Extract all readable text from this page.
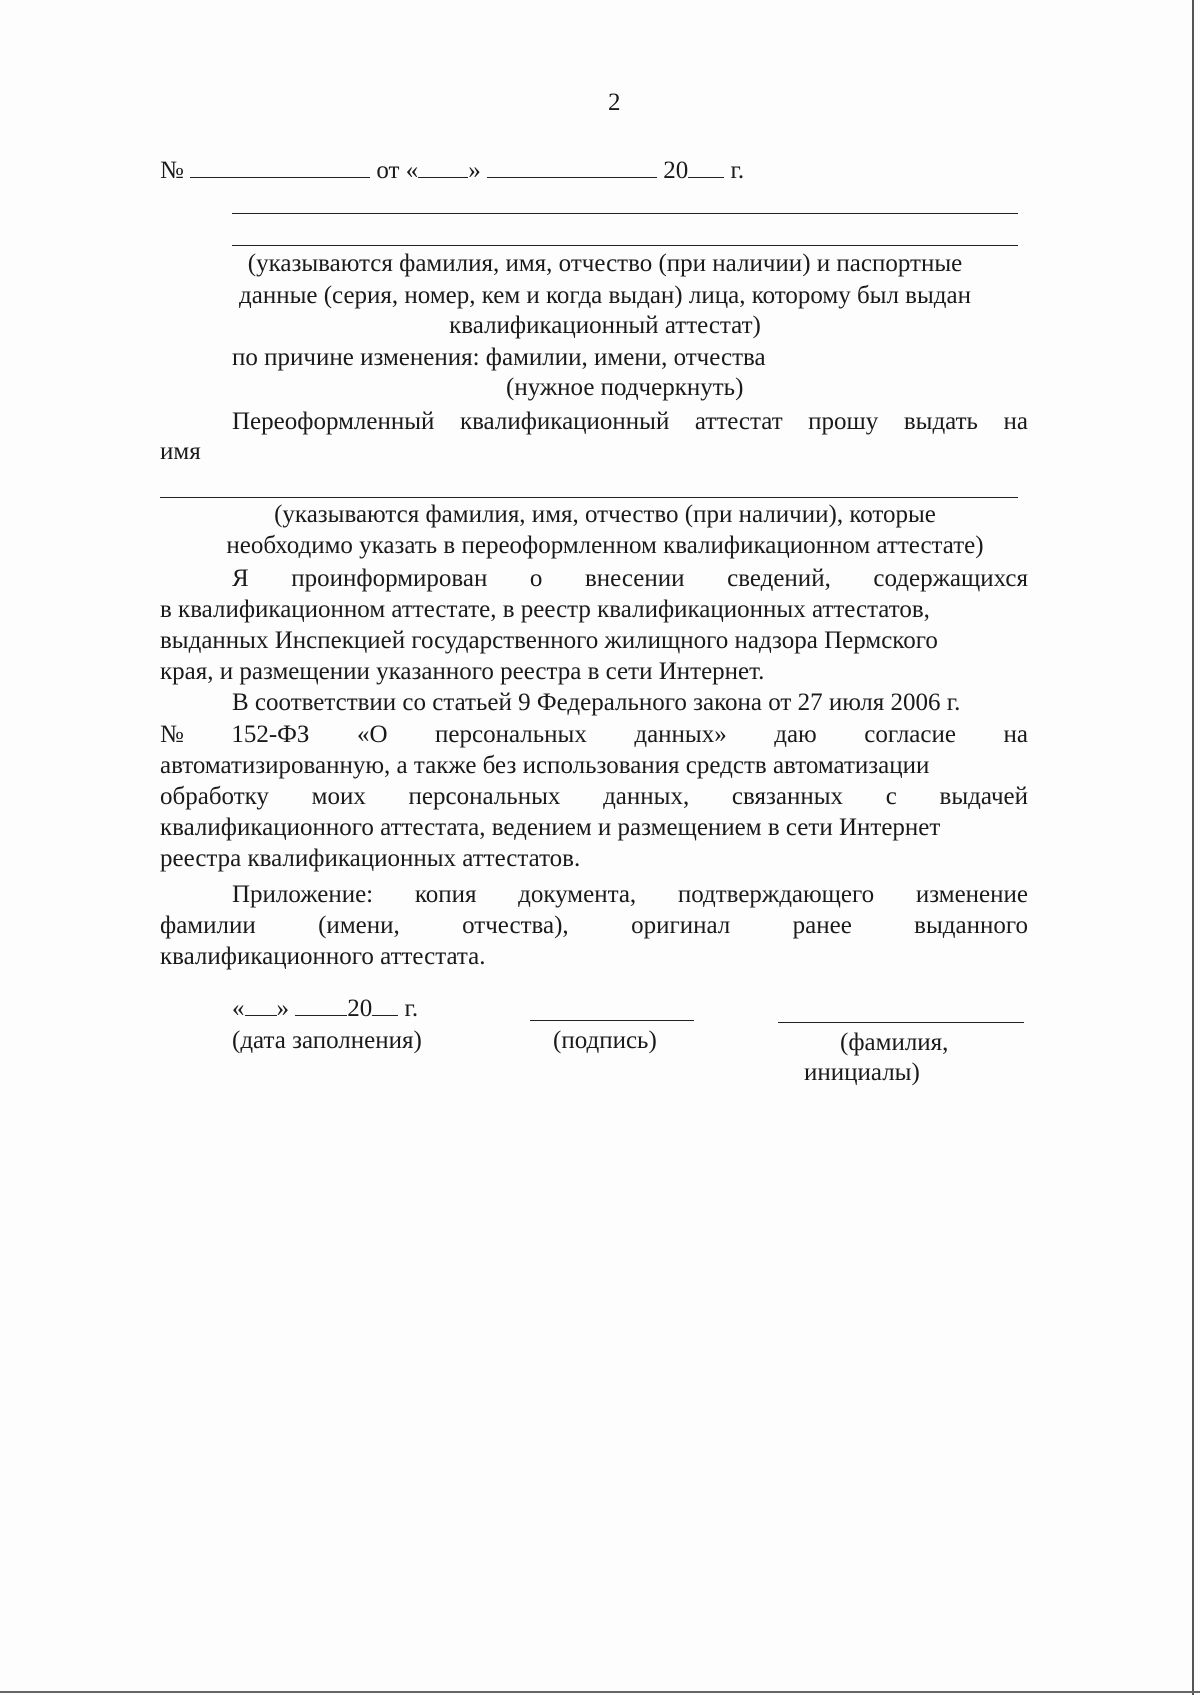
2
№	от « »	20 г.
(указываются фамилия, имя, отчество (при наличии) и паспортные
данные (серия, номер, кем и когда выдан) лица, которому был выдан
квалификационный аттестат)
по причине изменения: фамилии, имени, отчества
(нужное подчеркнуть)
Переоформленный квалификационный аттестат прошу выдать на
имя
(указываются фамилия, имя, отчество (при наличии), которые
необходимо указать в переоформленном квалификационном аттестате)
Я проинформирован о внесении сведений, содержащихся
в квалификационном аттестате, в реестр квалификационных аттестатов,
выданных Инспекцией государственного жилищного надзора Пермского
края, и размещении указанного реестра в сети Интернет.
В соответствии со статьей 9 Федерального закона от 27 июля 2006 г.
№ 152-ФЗ «О персональных данных» даю согласие на
автоматизированную, а также без использования средств автоматизации
обработку моих персональных данных, связанных с выдачей
квалификационного аттестата, ведением и размещением в сети Интернет
реестра квалификационных аттестатов.
Приложение: копия документа, подтверждающего изменение
фамилии (имени, отчества), оригинал ранее выданного
квалификационного аттестата.
« » 20 г.
(дата заполнения)	(подпись)	(фамилия,
инициалы)
